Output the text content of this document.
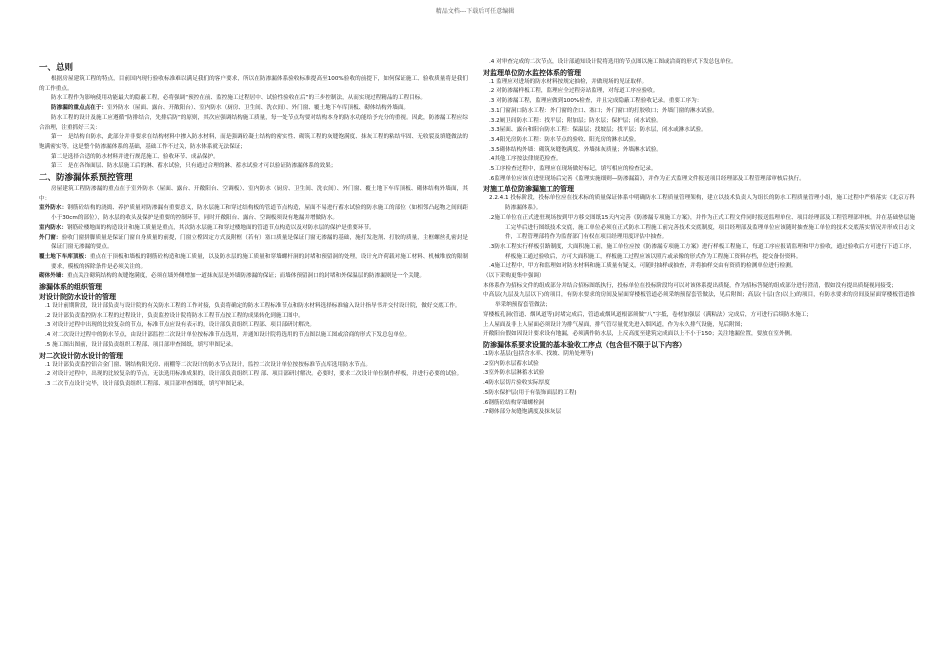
精品文档---下载后可任意编辑
一、总则
根据房屋建筑工程的特点，目前国内现行验收标准难以满足我们的客户要求，所以在防渗漏体系验收标准提高至100%验收的前提下，如何保证施工、验收质量将是我们的工作重点。
防水工程作为影响使用功能最大的隐蔽工程，必将强调“预控在前、监控施工过程居中、试验性验收在后”的三步控制法，从而实现过程精品的工程目标。
防渗漏的重点点在于：室外防水（屋面、露台、开敞阳台）、室内防水（厨房、卫生间、洗衣间）、外门窗、覆土地下车库顶板、砌体结构外墙面。
防水工程的设计及施工应遵循“防排结合，先排后防”的原则，其次应强调结构施工质量，每一处节点均要对结构本身的防水功能给予充分的重视。因此，防渗漏工程应综合治理，注重抓好三关：
第一　是结构自防水，此部分并非要求在结构材料中掺入防水材料，而是强调砼凝土结构的密实性、砌筑工程的灰缝饱满度、抹灰工程的粘结牢固、无收裂及填缝做法的饱满密实等，这是整个防渗漏体系的基础，基础工作不过关，防水体系就无法保证；
第二是选择合适的防水材料并进行规范施工、验收环节、成品保护。
第三　是在各饰面层、防水层施工后的淋、蓄水试验，只有通过合理的淋、蓄水试验才可以验证防渗漏体系的效果；
二、防渗漏体系预控管理
房屋建筑工程防渗漏的重点在于室外防水（屋面、露台、开敞阳台、空调板）、室内防水（厨房、卫生间、洗衣间）、外门窗、覆土地下车库顶板、砌体结构外墙面，其中：
室外防水：钢筋砼结构的浇捣、养护质量对防渗漏有重要意义，防水层施工和穿过结构板的管道节点构造，屋面不易进行蓄水试验的防水施工的部位（如相邻凸起物之间间距小于30cm的部位），防水层的收头及保护是重要的控制环节，同时开敞阳台、露台、空调板须设有地漏并增做防水。
室内防水：钢筋砼楼地面的构造设计和施工质量是重点，其次防水层施工和穿过楼地面的管道节点构造以及对防水层的保护是重要环节。
外门窗：验收门窗拼脚质量是保证门窗自身质量的前提，门窗立樘固定方式及附框（若有）塞口质量是保证门窗无渗漏的基础，施打发泡剂、打胶的质量，主框螺丝孔密封是保证门窗无渗漏的要点。
覆土地下车库顶板：重点在于顶板和墙板的钢筋砼构造和施工质量，以及防水层的施工质量和穿墙螺杆洞的封堵和预留洞的处理，设计允许荷载对施工材料、机械堆放的限制要求，模板的拆除条件是必须关注的。
砌体外墙：重点关注砌筑结构的灰缝饱满度，必须在墙外侧增加一道抹灰层是外墙防渗漏的保证；而墙体预留洞口的封堵和外保温层的防渗漏则是一个关键。
渗漏体系的组织管理
对设计院防水设计的管理
.1 设计前期阶段，设计部负责与设计院的有关防水工程的工作对接，负责将确定的防水工程标准节点和防水材料选择标准输入设计指导书并交付设计院，做好交底工作。
.2 设计部负责监控防水工程的过程设计，负责监控设计院将防水工程节点按工程的成果转化到施工图中。
.3 对设计过程中出现的比较复杂的节点，标准节点应设有表示的，设计部负责组织工程部、项目部研讨解决。
.4 对二次设计过程中的防水节点，由设计部监控二次设计单位按标准节点选用，并通知设计院将选用的节点图以施工图或洽商的形式下发总包单位。
.5 施工图出图前，设计部负责组织工程部、项目部审查图纸，填写审图记录。
对二次设计防水设计的管理
.1 设计部负责监控铝合金门窗、钢结构阳光房、雨棚等二次设计的防水节点设计，监控二次设计单位按按标准节点库选用防水节点。
.2 对设计过程中，出现的比较复杂的节点，无法选用标准成果的，设计部负责组织工程 部、项目部研讨解决。必要时，要求二次设计单位制作样板，并进行必要的试验。
.3 二次节点设计完毕，设计部负责组织工程部、项目部审查图纸，填写审图记录。
.4 对审查完成的二次节点，设计部通知设计院将选用的节点图以施工图或洽商的形式下发总包单位。
对监理单位防水监控体系的管理
.1 监理应对进场的防水材料按规定抽检，并做现场的见证取样。
.2 对防渗漏样板工程，监理应全过程旁站监理，对每道工序应验收。
.3 对防渗漏工程，监理应做到100%检查，并且完成隐蔽工程验收记录。重要工序为：
.3.1门窗洞口防水工程：外门窗的企口、塞口；外门窗口的打胶收口；外墙门窗的淋水试验。
.3.2厕卫间防水工程：找平层；附加层；防水层；保护层；闭水试验。
.3.3屋面、露台和阳台防水工程：保温层；找坡层；找平层；防水层，闭水或淋水试验。
.3.4阳光房防水工程：防水节点的验收、阳光房的淋水试验。
.3.5砌体结构外墙：砌筑灰缝饱满度、外墙抹灰质量；外墙淋水试验。
.4其他工序按法律规范检查。
.5工序检查过程中，监理应在现场做好标记，填写相应的检查记录。
.6监理单位应该在进驻现场后完善《监理实施细则—防渗漏篇》，并作为正式监理文件报送项目经理部及工程管理部审核后执行。
对施工单位防渗漏施工的管理
2.2.4.1 投标阶段，投标单位应在技术标的质量保证体系中明确防水工程质量管理架构，建立以技术负责人为组长的防水工程质量管理小组，施工过程中严格落实《北京万科防渗漏体系》。
.2施工单位在正式进驻现场按到甲方移交图纸15天内完善《防渗漏专项施工方案》，并作为正式工程文件同时报送监理单位、项目经理部及工程管理部审核，并在基础垫层施工完毕后进行图纸技术交底，施工单位必须在正式防水工程施工前完善技术交底制度，项目经理部及监理单位应该随时抽查施工单位的技术交底落实情况并形成日志文件，工程管理部将作为监督部门有权在项目经理用度评估中抽查。
.3防水工程实行样板引路制度，大面积施工前，施工单位应按《防渗漏专项施工方案》进行样板工程施工，每道工序应报请监理和甲方验收，通过验收后方可进行下道工序，样板施工通过验收后，方可大面积施工，样板施工过程应该以照片或录像的形式作为工程施工资料存档，提交备份资料。
.4施工过程中，甲方和监理如对防水材料和施工质量有疑义，可随时抽样或抽查，并将抽样交由有资质的检测单位进行检测。
（以下采购更集中强调）
本体系作为招标文件的组成部分并结合招标图纸执行，投标单位在投标阶段均可以对该体系提出质疑，作为招标答疑的组成部分进行澄清，假如没有提出质疑视同接受；
中高层(九层及九层以下)的项目，有防水要求的房间及屋面穿楼板管道必须采纳预留套管做法，见后附图；高层(十层(含)以上)的项目，有防水要求的房间及屋面穿楼板管道推举采纳预留套管做法；
穿楼板孔洞(管道、烟风道等)封堵完成后，管道或烟风道根部须做“八”字抵，卷材加强层（满粘法）完成后，方可进行后续防水施工；
上人屋面及非上人屋面必须设计为排气屋面，排气管尽量优先进入烟风道，作为永久排气设施，见后附图；
开敞阳台假如因设计要求设有地漏，必须满作防水层，上反高度至建筑完成面以上不小于150；关注地漏位置，要放在室外侧。
防渗漏体系要求设置的基本验收工序点（包含但不限于以下内容）
.1防水基层(包括含水率、找坡、阴角处理等)
.2室内防水层蓄水试验
.3室外防水层淋蓄水试验
.4防水层切片验收实际厚度
.5防水保护层(用于有装饰面层的工程)
.6钢筋砼结构穿墙螺栓洞
.7砌体部分灰缝饱满度及抹灰层
